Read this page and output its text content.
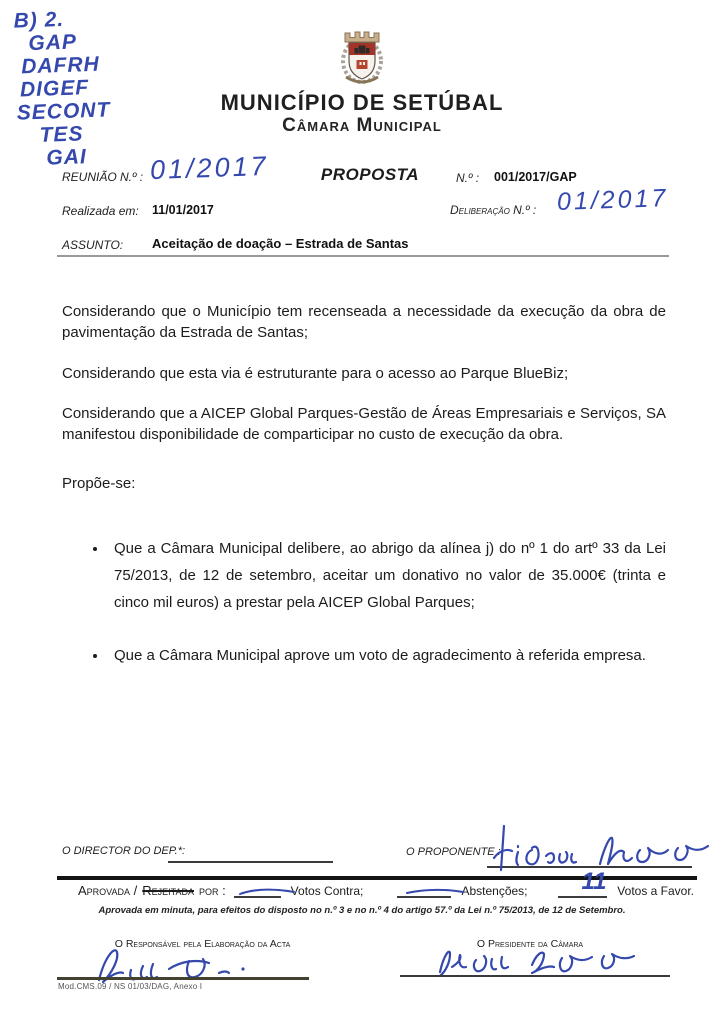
B) 2.
GAP
DAFRH
DIGEF
SECONT
TES
GAI
MUNICÍPIO DE SETÚBAL
Câmara Municipal
REUNIÃO N.º : 01/2017	PROPOSTA	N.º : 001/2017/GAP
Realizada em: 11/01/2017	Deliberação N.º : 01/2017
ASSUNTO: Aceitação de doação – Estrada de Santas

Considerando que o Município tem recenseada a necessidade da execução da obra de pavimentação da Estrada de Santas;

Considerando que esta via é estruturante para o acesso ao Parque BlueBiz;

Considerando que a AICEP Global Parques-Gestão de Áreas Empresariais e Serviços, SA manifestou disponibilidade de comparticipar no custo de execução da obra.

Propõe-se:

• Que a Câmara Municipal delibere, ao abrigo da alínea j) do nº 1 do artº 33 da Lei 75/2013, de 12 de setembro, aceitar um donativo no valor de 35.000€ (trinta e cinco mil euros) a prestar pela AICEP Global Parques;
• Que a Câmara Municipal aprove um voto de agradecimento à referida empresa.
O DIRECTOR DO DEP.*:	O PROPONENTE :
Aprovada / Rejeitada por :	Votos Contra;	Abstenções; 11 Votos a Favor.
Aprovada em minuta, para efeitos do disposto no n.º 3 e no n.º 4 do artigo 57.º da Lei n.º 75/2013, de 12 de Setembro.
O Responsável pela Elaboração da Acta	O Presidente da Câmara
Mod.CMS.09 / NS 01/03/DAG, Anexo I
